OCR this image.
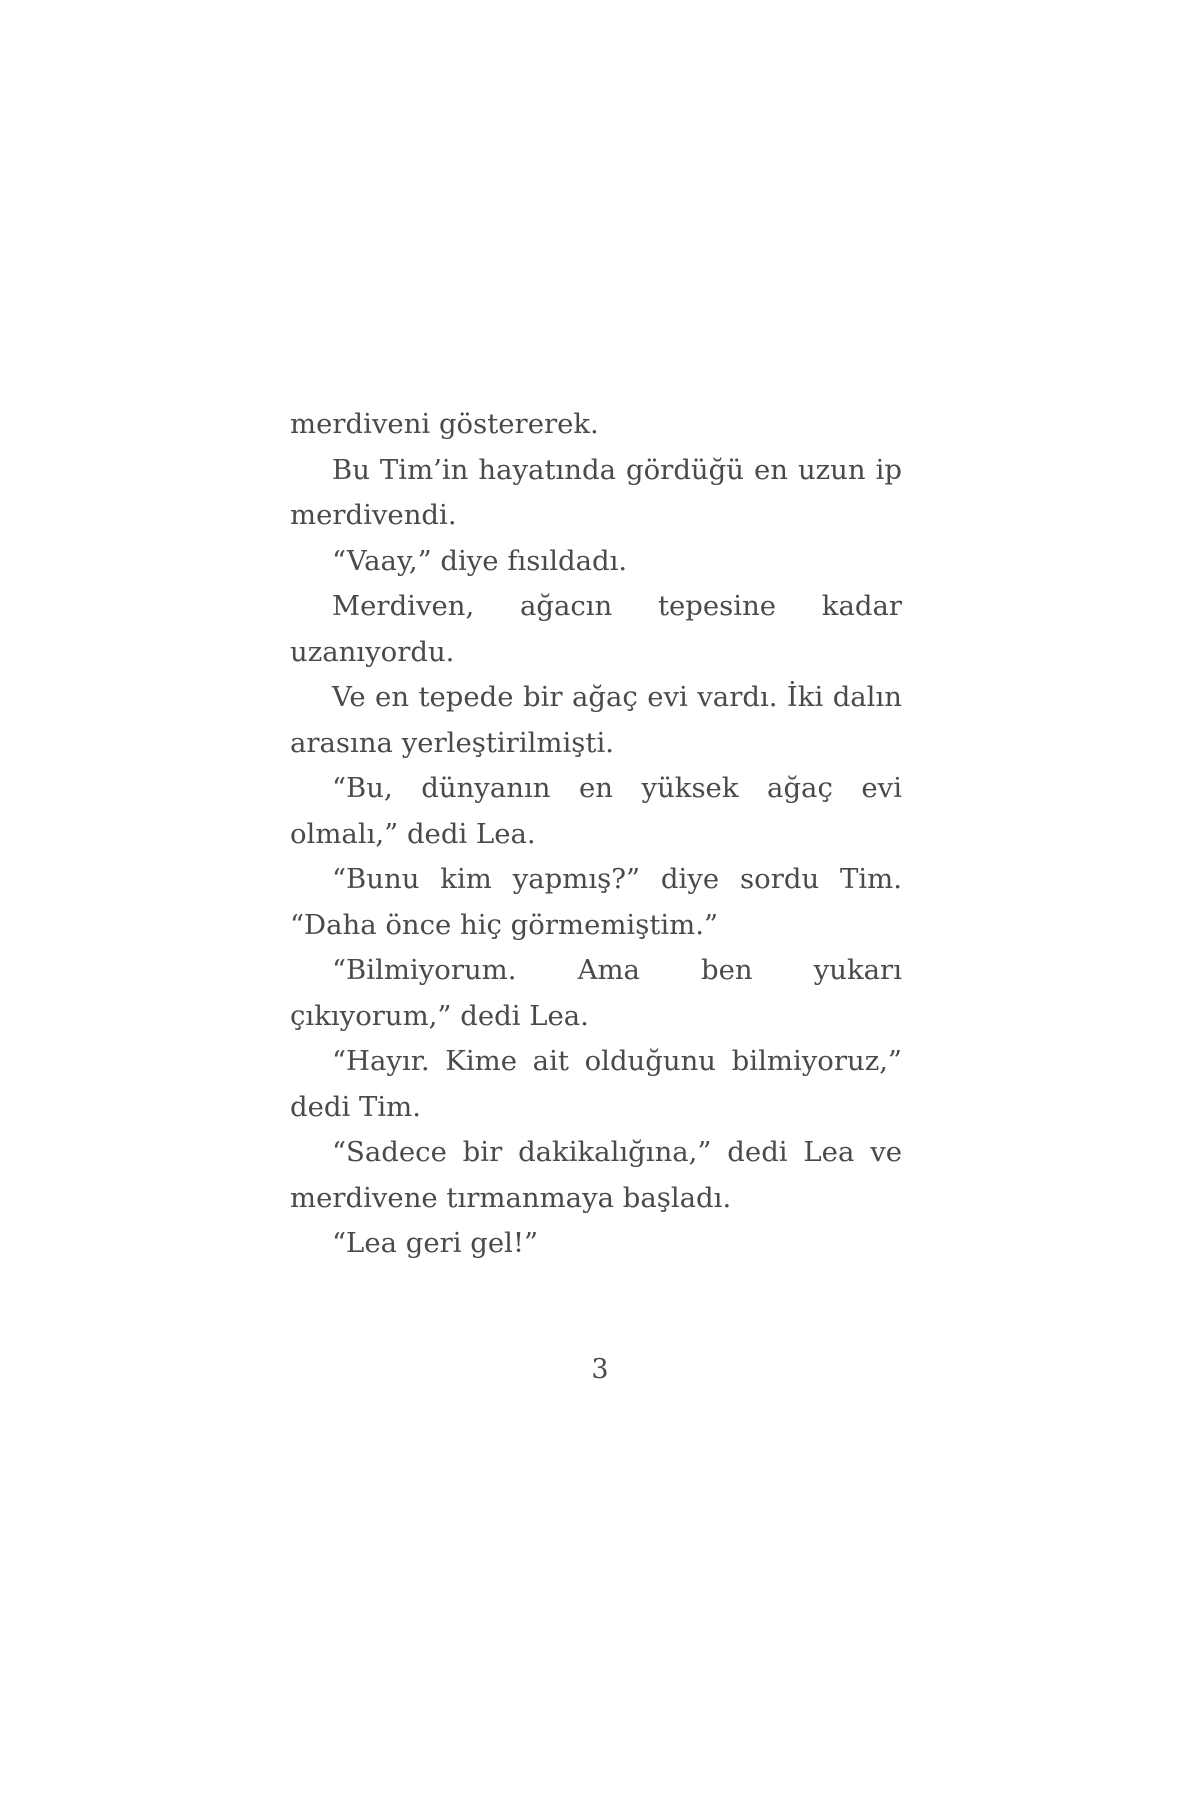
merdiveni göstererek.

Bu Tim’in hayatında gördüğü en uzun ip merdivendi.

“Vaay,” diye fısıldadı.

Merdiven, ağacın tepesine kadar uzanıyordu.

Ve en tepede bir ağaç evi vardı. İki dalın arasına yerleştirilmişti.

“Bu, dünyanın en yüksek ağaç evi olmalı,” dedi Lea.

“Bunu kim yapmış?” diye sordu Tim. “Daha önce hiç görmemiştim.”

“Bilmiyorum. Ama ben yukarı çıkıyorum,” dedi Lea.

“Hayır. Kime ait olduğunu bilmiyoruz,” dedi Tim.

“Sadece bir dakikalığına,” dedi Lea ve merdivene tırmanmaya başladı.

“Lea geri gel!”

3
